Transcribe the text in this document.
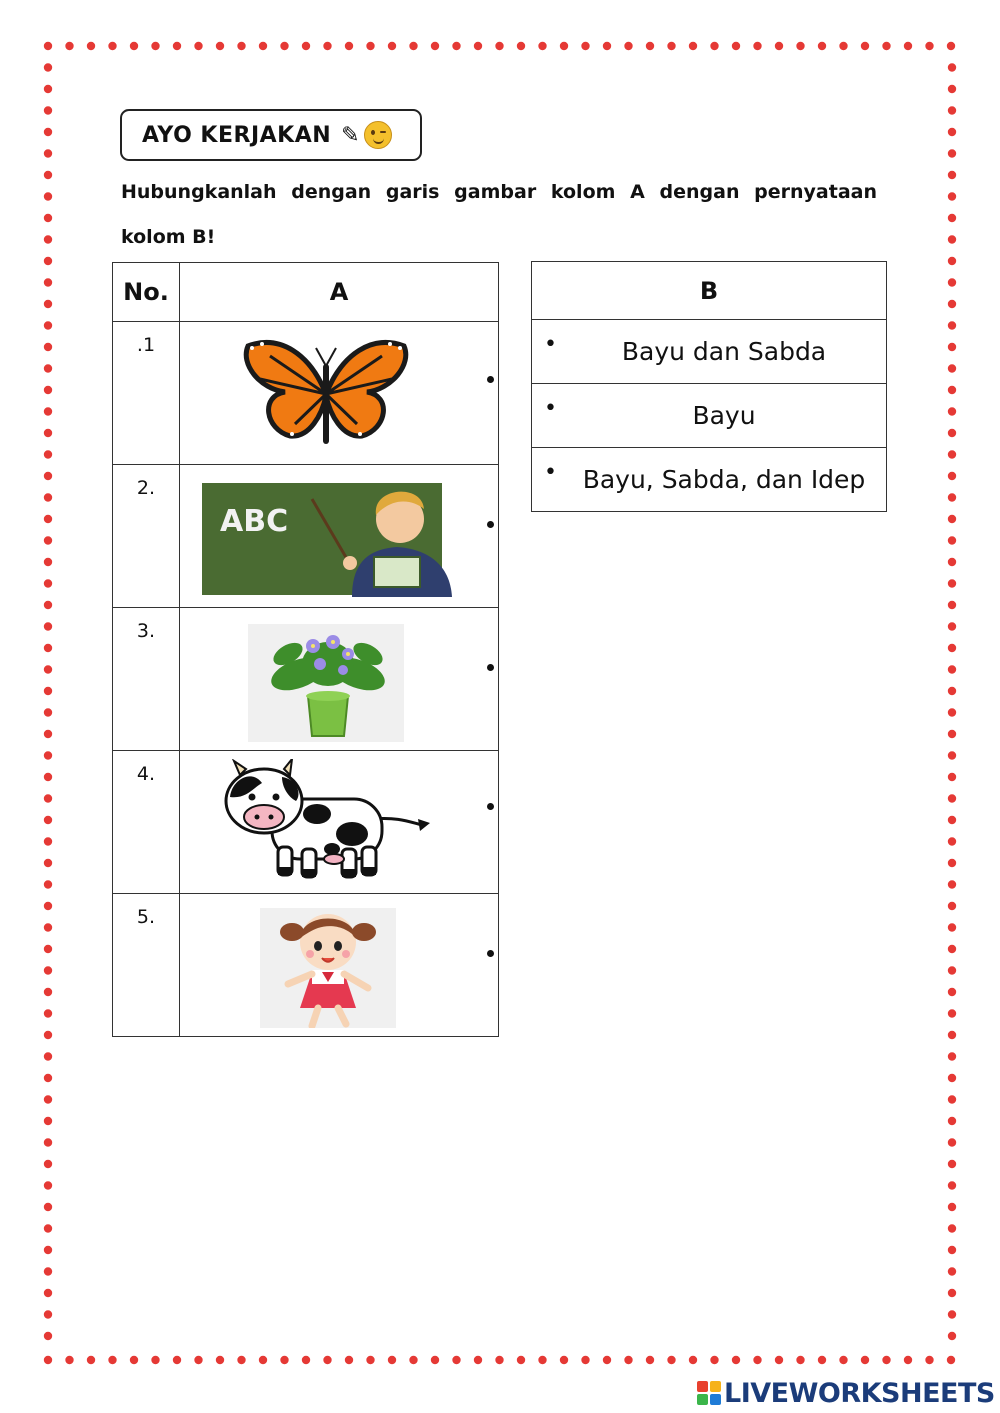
AYO KERJAKAN ✎
Hubungkanlah dengan garis gambar kolom A dengan pernyataan kolom B!
No.	A
.1	

2.	ABC

3.	

4.	

5.	
B

•	Bayu dan Sabda

•	Bayu

• Bayu, Sabda, dan Idep
LIVEWORKSHEETS
